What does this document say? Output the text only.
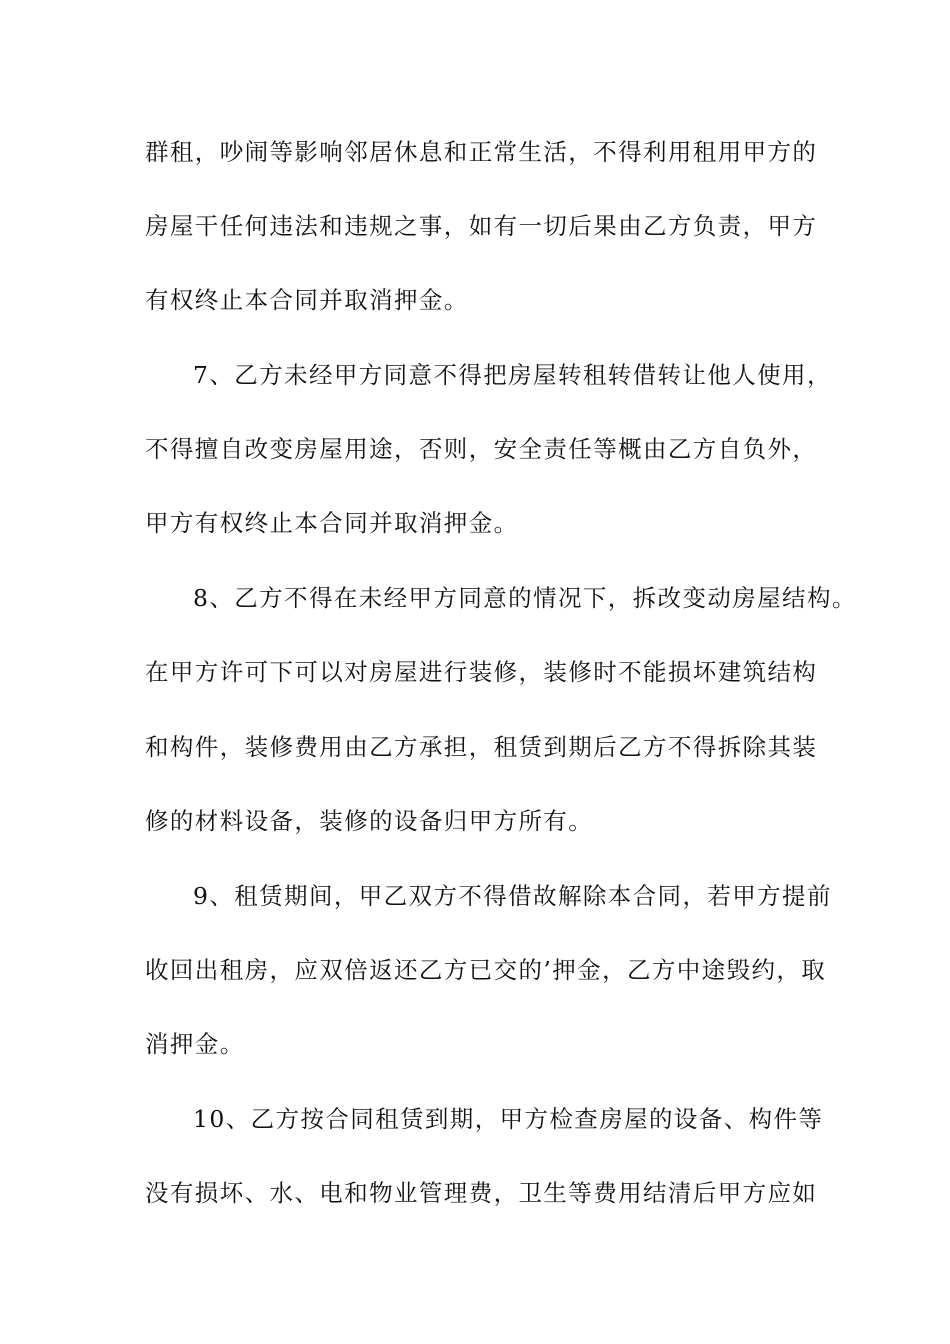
群租，吵闹等影响邻居休息和正常生活，不得利用租用甲方的
房屋干任何违法和违规之事，如有一切后果由乙方负责，甲方
有权终止本合同并取消押金。
7、乙方未经甲方同意不得把房屋转租转借转让他人使用，
不得擅自改变房屋用途，否则，安全责任等概由乙方自负外，
甲方有权终止本合同并取消押金。
8、乙方不得在未经甲方同意的情况下，拆改变动房屋结构。
在甲方许可下可以对房屋进行装修，装修时不能损坏建筑结构
和构件，装修费用由乙方承担，租赁到期后乙方不得拆除其装
修的材料设备，装修的设备归甲方所有。
9、租赁期间，甲乙双方不得借故解除本合同，若甲方提前
收回出租房，应双倍返还乙方已交的’押金，乙方中途毁约，取
消押金。
10、乙方按合同租赁到期，甲方检查房屋的设备、构件等
没有损坏、水、电和物业管理费，卫生等费用结清后甲方应如
